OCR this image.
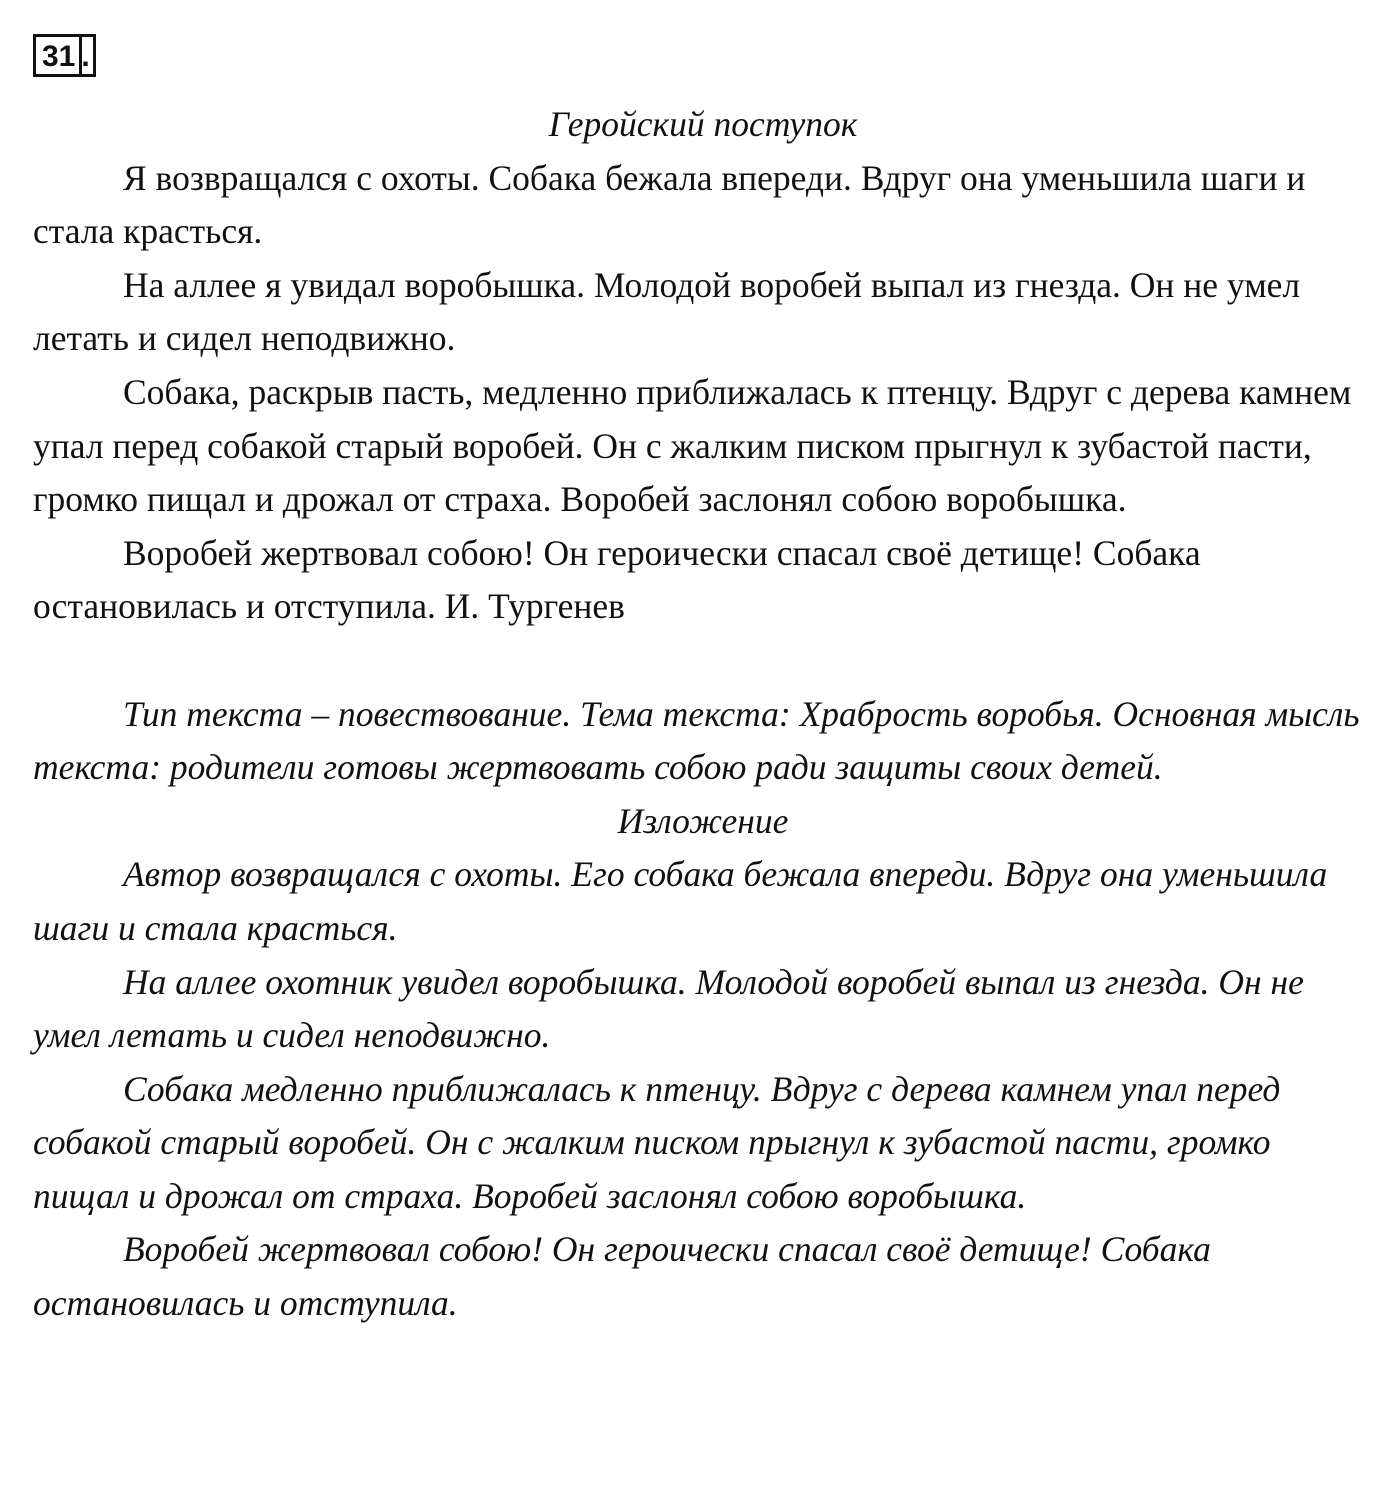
31 .

Геройский поступок

Я возвращался с охоты. Собака бежала впереди. Вдруг она уменьшила шаги и стала красться.

На аллее я увидал воробышка. Молодой воробей выпал из гнезда. Он не умел летать и сидел неподвижно.

Собака, раскрыв пасть, медленно приближалась к птенцу. Вдруг с дерева камнем упал перед собакой старый воробей. Он с жалким писком прыгнул к зубастой пасти, громко пищал и дрожал от страха. Воробей заслонял собою воробышка.

Воробей жертвовал собою! Он героически спасал своё детище! Собака остановилась и отступила. И. Тургенев

Тип текста – повествование. Тема текста: Храбрость воробья. Основная мысль текста: родители готовы жертвовать собою ради защиты своих детей.

Изложение

Автор возвращался с охоты. Его собака бежала впереди. Вдруг она уменьшила шаги и стала красться.

На аллее охотник увидел воробышка. Молодой воробей выпал из гнезда. Он не умел летать и сидел неподвижно.

Собака медленно приближалась к птенцу. Вдруг с дерева камнем упал перед собакой старый воробей. Он с жалким писком прыгнул к зубастой пасти, громко пищал и дрожал от страха. Воробей заслонял собою воробышка.

Воробей жертвовал собою! Он героически спасал своё детище! Собака остановилась и отступила.
